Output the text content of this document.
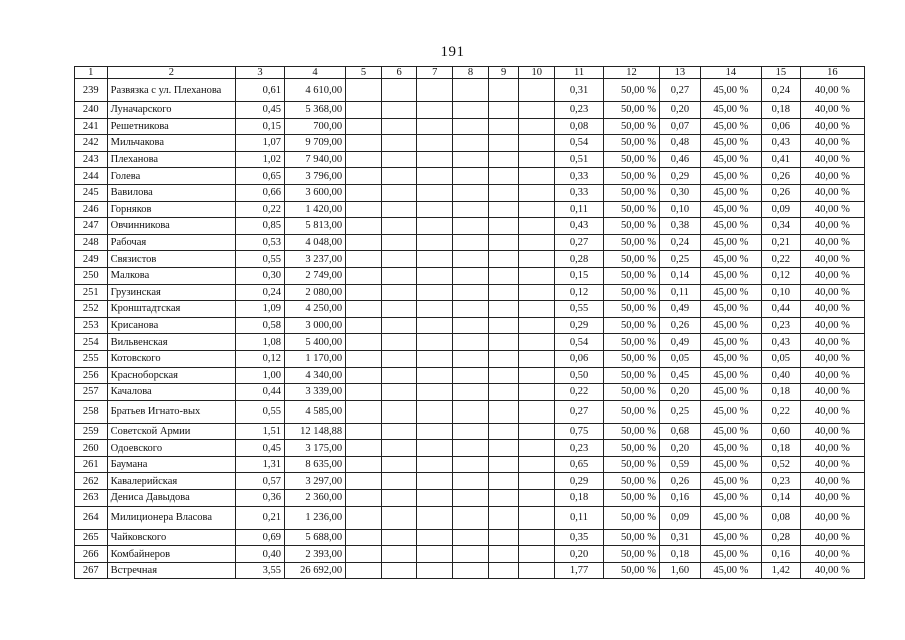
191
1	2	3	4	5	6	7	8	9	10	11	12	13	14	15	16
239	Развязка с ул. Плеханова	0,61	4 610,00							0,31	50,00 %	0,27	45,00 %	0,24	40,00 %
240	Луначарского	0,45	5 368,00							0,23	50,00 %	0,20	45,00 %	0,18	40,00 %
241	Решетникова	0,15	700,00							0,08	50,00 %	0,07	45,00 %	0,06	40,00 %
242	Мильчакова	1,07	9 709,00							0,54	50,00 %	0,48	45,00 %	0,43	40,00 %
243	Плеханова	1,02	7 940,00							0,51	50,00 %	0,46	45,00 %	0,41	40,00 %
244	Голева	0,65	3 796,00							0,33	50,00 %	0,29	45,00 %	0,26	40,00 %
245	Вавилова	0,66	3 600,00							0,33	50,00 %	0,30	45,00 %	0,26	40,00 %
246	Горняков	0,22	1 420,00							0,11	50,00 %	0,10	45,00 %	0,09	40,00 %
247	Овчинникова	0,85	5 813,00							0,43	50,00 %	0,38	45,00 %	0,34	40,00 %
248	Рабочая	0,53	4 048,00							0,27	50,00 %	0,24	45,00 %	0,21	40,00 %
249	Связистов	0,55	3 237,00							0,28	50,00 %	0,25	45,00 %	0,22	40,00 %
250	Малкова	0,30	2 749,00							0,15	50,00 %	0,14	45,00 %	0,12	40,00 %
251	Грузинская	0,24	2 080,00							0,12	50,00 %	0,11	45,00 %	0,10	40,00 %
252	Кронштадтская	1,09	4 250,00							0,55	50,00 %	0,49	45,00 %	0,44	40,00 %
253	Крисанова	0,58	3 000,00							0,29	50,00 %	0,26	45,00 %	0,23	40,00 %
254	Вильвенская	1,08	5 400,00							0,54	50,00 %	0,49	45,00 %	0,43	40,00 %
255	Котовского	0,12	1 170,00							0,06	50,00 %	0,05	45,00 %	0,05	40,00 %
256	Красноборская	1,00	4 340,00							0,50	50,00 %	0,45	45,00 %	0,40	40,00 %
257	Качалова	0,44	3 339,00							0,22	50,00 %	0,20	45,00 %	0,18	40,00 %
258	Братьев Игнато-вых	0,55	4 585,00							0,27	50,00 %	0,25	45,00 %	0,22	40,00 %
259	Советской Армии	1,51	12 148,88							0,75	50,00 %	0,68	45,00 %	0,60	40,00 %
260	Одоевского	0,45	3 175,00							0,23	50,00 %	0,20	45,00 %	0,18	40,00 %
261	Баумана	1,31	8 635,00							0,65	50,00 %	0,59	45,00 %	0,52	40,00 %
262	Кавалерийская	0,57	3 297,00							0,29	50,00 %	0,26	45,00 %	0,23	40,00 %
263	Дениса Давыдова	0,36	2 360,00							0,18	50,00 %	0,16	45,00 %	0,14	40,00 %
264	Милиционера Власова	0,21	1 236,00							0,11	50,00 %	0,09	45,00 %	0,08	40,00 %
265	Чайковского	0,69	5 688,00							0,35	50,00 %	0,31	45,00 %	0,28	40,00 %
266	Комбайнеров	0,40	2 393,00							0,20	50,00 %	0,18	45,00 %	0,16	40,00 %
267	Встречная	3,55	26 692,00							1,77	50,00 %	1,60	45,00 %	1,42	40,00 %
